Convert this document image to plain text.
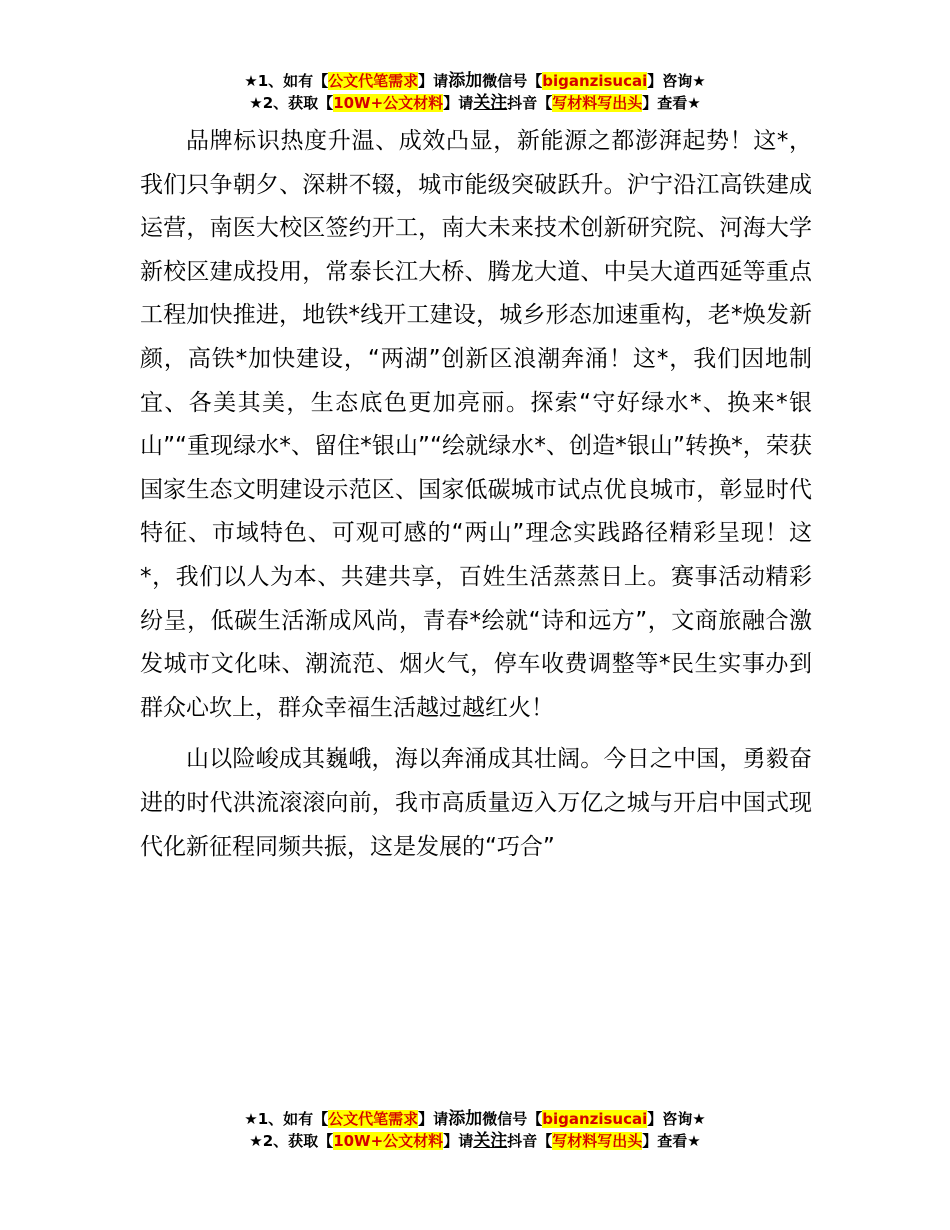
★1、如有【公文代笔需求】请添加微信号【biganzisucai】咨询★
★2、获取【10W+公文材料】请关注抖音【写材料写出头】查看★

品牌标识热度升温、成效凸显，新能源之都澎湃起势！这*，我们只争朝夕、深耕不辍，城市能级突破跃升。沪宁沿江高铁建成运营，南医大校区签约开工，南大未来技术创新研究院、河海大学新校区建成投用，常泰长江大桥、腾龙大道、中吴大道西延等重点工程加快推进，地铁*线开工建设，城乡形态加速重构，老*焕发新颜，高铁*加快建设，“两湖”创新区浪潮奔涌！这*，我们因地制宜、各美其美，生态底色更加亮丽。探索“守好绿水*、换来*银山”“重现绿水*、留住*银山”“绘就绿水*、创造*银山”转换*，荣获国家生态文明建设示范区、国家低碳城市试点优良城市，彰显时代特征、市域特色、可观可感的“两山”理念实践路径精彩呈现！这*，我们以人为本、共建共享，百姓生活蒸蒸日上。赛事活动精彩纷呈，低碳生活渐成风尚，青春*绘就“诗和远方”，文商旅融合激发城市文化味、潮流范、烟火气，停车收费调整等*民生实事办到群众心坎上，群众幸福生活越过越红火！

山以险峻成其巍峨，海以奔涌成其壮阔。今日之中国，勇毅奋进的时代洪流滚滚向前，我市高质量迈入万亿之城与开启中国式现代化新征程同频共振，这是发展的“巧合”

★1、如有【公文代笔需求】请添加微信号【biganzisucai】咨询★
★2、获取【10W+公文材料】请关注抖音【写材料写出头】查看★
